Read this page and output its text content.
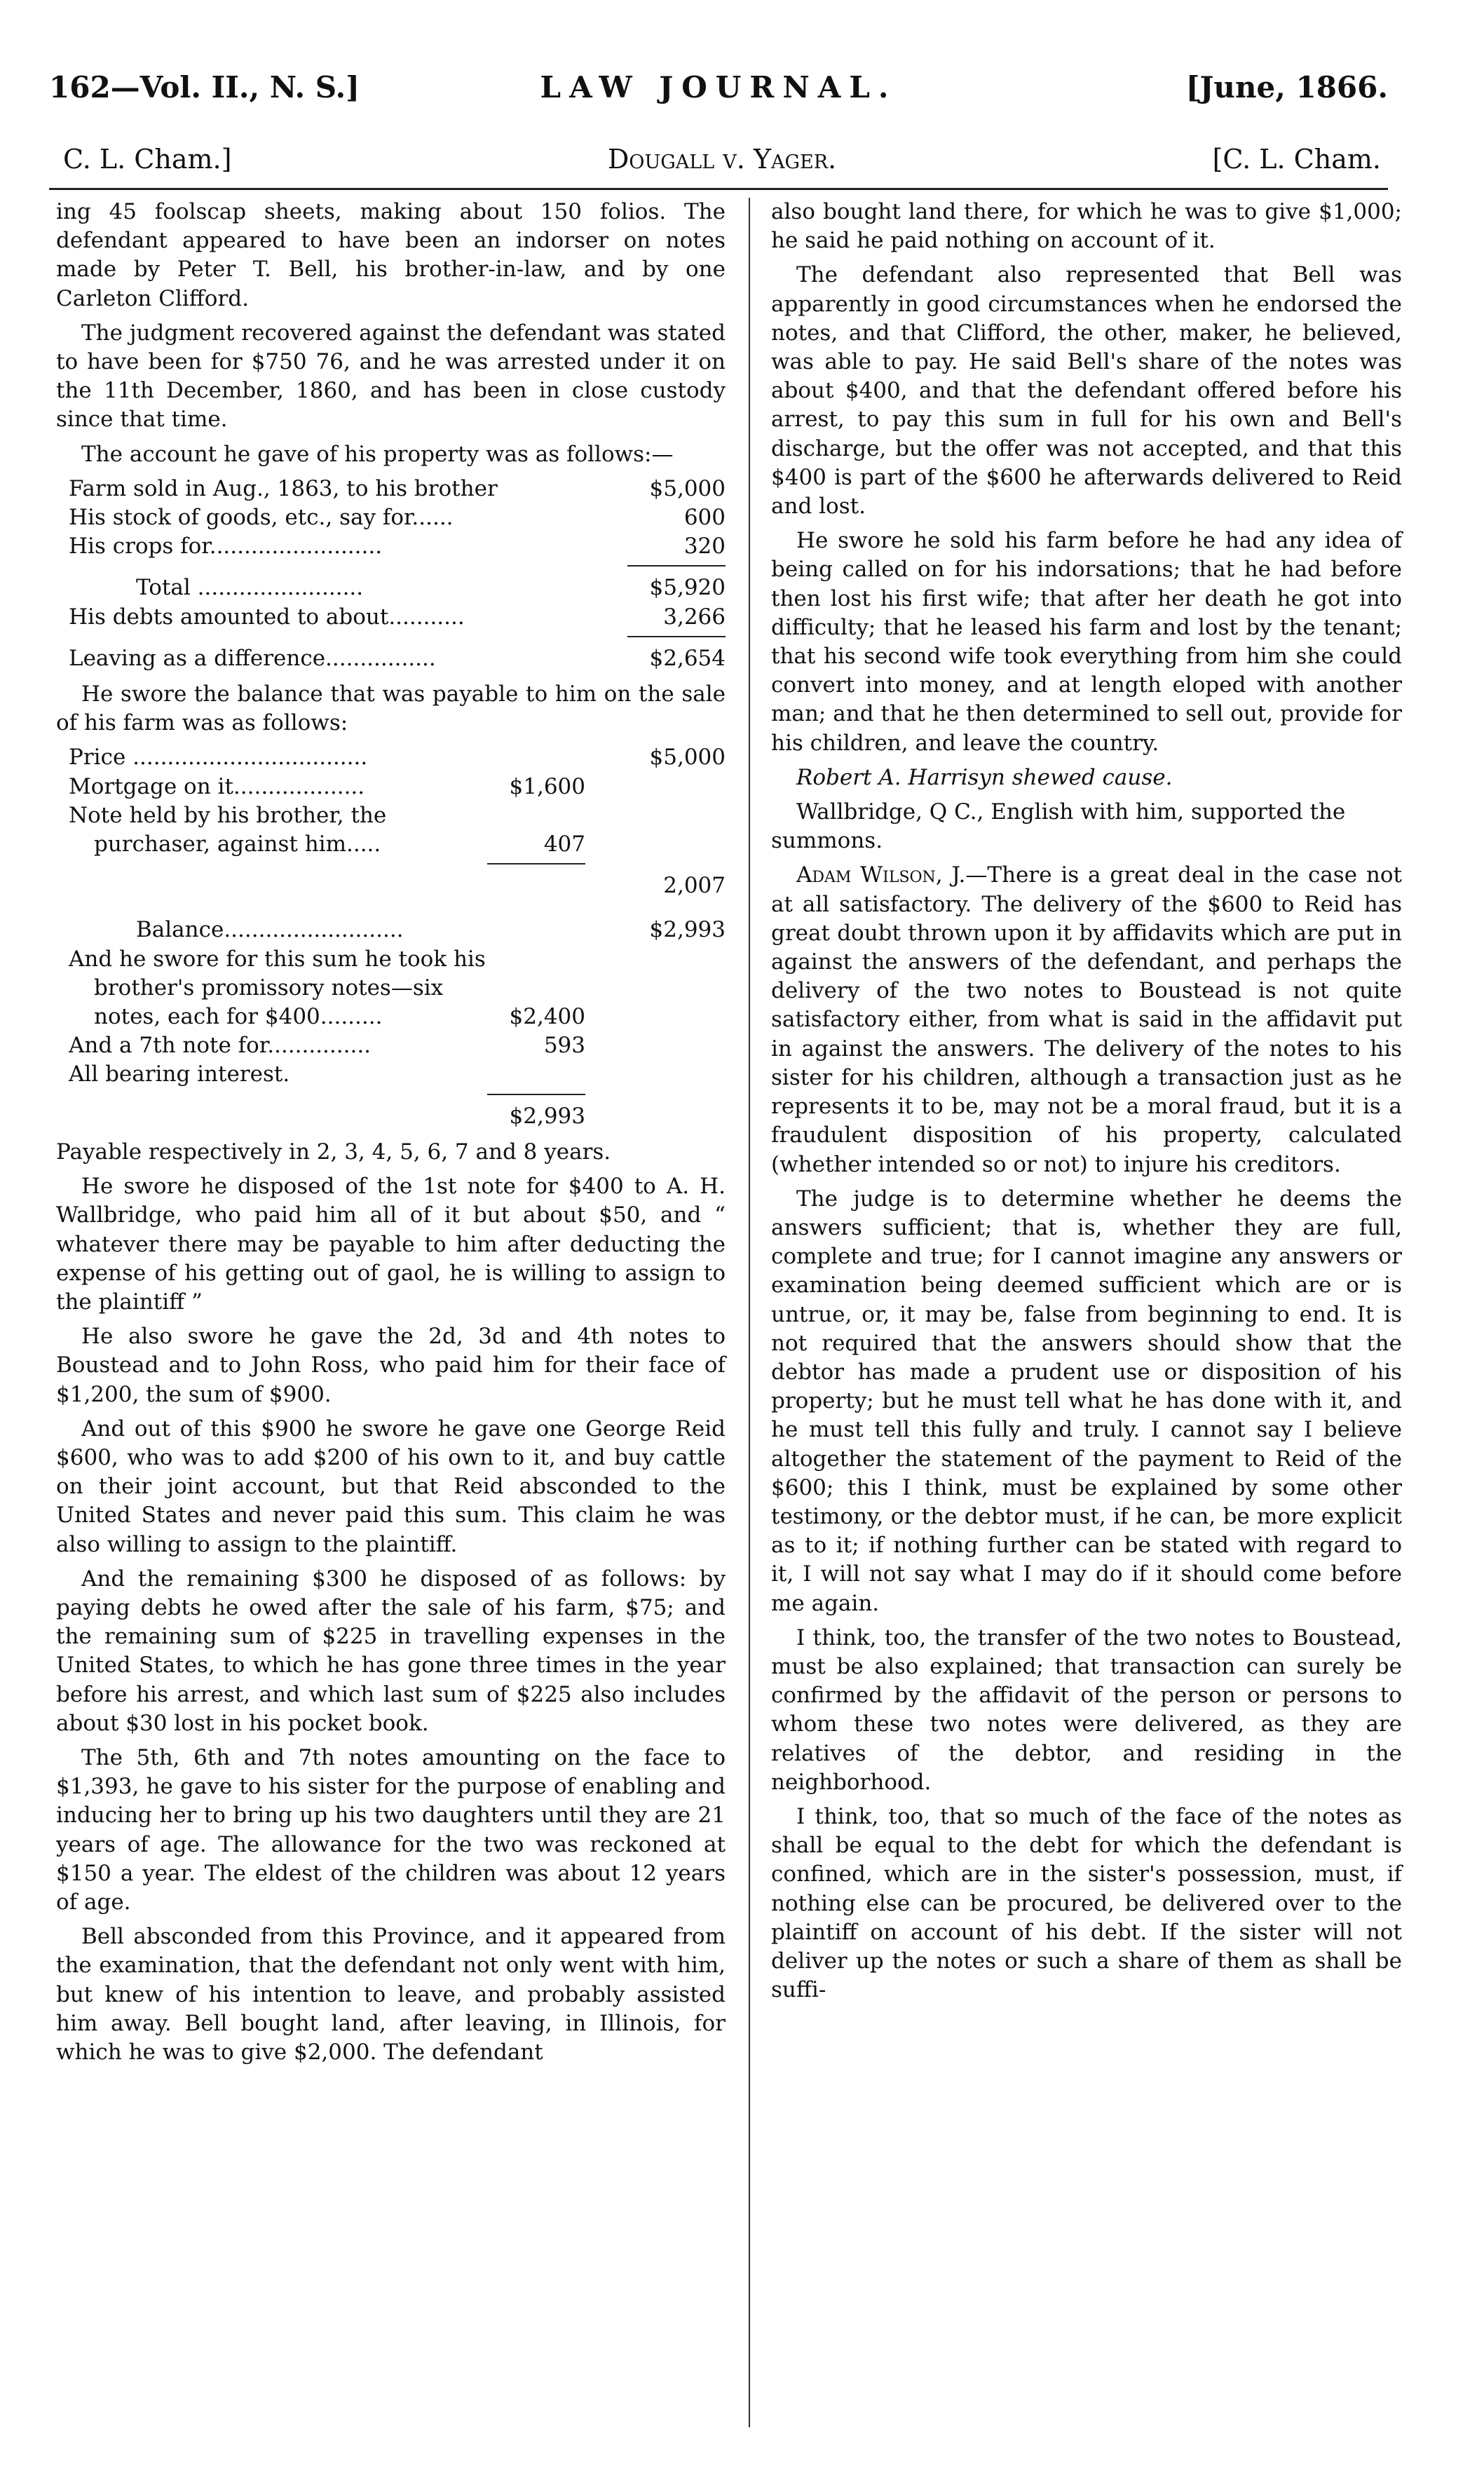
162—Vol. II., N. S.]	LAW JOURNAL.	[June, 1866.
C. L. Cham.]	Dougall v. Yager.	[C. L. Cham.

ing 45 foolscap sheets, making about 150 folios. The defendant appeared to have been an indorser on notes made by Peter T. Bell, his brother-in-law, and by one Carleton Clifford.

The judgment recovered against the defendant was stated to have been for $750 76, and he was arrested under it on the 11th December, 1860, and has been in close custody since that time.

The account he gave of his property was as follows:—

Farm sold in Aug., 1863, to his brother	$5,000
His stock of goods, etc., say for......	600
His crops for.........................	320
Total ........................	$5,920
His debts amounted to about...........	3,266
Leaving as a difference................	$2,654

He swore the balance that was payable to him on the sale of his farm was as follows:

Price ..................................	$5,000
Mortgage on it...................	$1,600
Note held by his brother, the
purchaser, against him.....	407
2,007
Balance..........................	$2,993
And he swore for this sum he took his
brother's promissory notes—six
notes, each for $400.........	$2,400
And a 7th note for...............	593
All bearing interest.
$2,993

Payable respectively in 2, 3, 4, 5, 6, 7 and 8 years.

He swore he disposed of the 1st note for $400 to A. H. Wallbridge, who paid him all of it but about $50, and “ whatever there may be payable to him after deducting the expense of his getting out of gaol, he is willing to assign to the plaintiff ”

He also swore he gave the 2d, 3d and 4th notes to Boustead and to John Ross, who paid him for their face of $1,200, the sum of $900.

And out of this $900 he swore he gave one George Reid $600, who was to add $200 of his own to it, and buy cattle on their joint account, but that Reid absconded to the United States and never paid this sum. This claim he was also willing to assign to the plaintiff.

And the remaining $300 he disposed of as follows: by paying debts he owed after the sale of his farm, $75; and the remaining sum of $225 in travelling expenses in the United States, to which he has gone three times in the year before his arrest, and which last sum of $225 also includes about $30 lost in his pocket book.

The 5th, 6th and 7th notes amounting on the face to $1,393, he gave to his sister for the purpose of enabling and inducing her to bring up his two daughters until they are 21 years of age. The allowance for the two was reckoned at $150 a year. The eldest of the children was about 12 years of age.

Bell absconded from this Province, and it appeared from the examination, that the defendant not only went with him, but knew of his intention to leave, and probably assisted him away. Bell bought land, after leaving, in Illinois, for which he was to give $2,000. The defendant

also bought land there, for which he was to give $1,000; he said he paid nothing on account of it.

The defendant also represented that Bell was apparently in good circumstances when he endorsed the notes, and that Clifford, the other, maker, he believed, was able to pay. He said Bell's share of the notes was about $400, and that the defendant offered before his arrest, to pay this sum in full for his own and Bell's discharge, but the offer was not accepted, and that this $400 is part of the $600 he afterwards delivered to Reid and lost.

He swore he sold his farm before he had any idea of being called on for his indorsations; that he had before then lost his first wife; that after her death he got into difficulty; that he leased his farm and lost by the tenant; that his second wife took everything from him she could convert into money, and at length eloped with another man; and that he then determined to sell out, provide for his children, and leave the country.

Robert A. Harrisyn shewed cause.

Wallbridge, Q C., English with him, supported the summons.

Adam Wilson, J.—There is a great deal in the case not at all satisfactory. The delivery of the $600 to Reid has great doubt thrown upon it by affidavits which are put in against the answers of the defendant, and perhaps the delivery of the two notes to Boustead is not quite satisfactory either, from what is said in the affidavit put in against the answers. The delivery of the notes to his sister for his children, although a transaction just as he represents it to be, may not be a moral fraud, but it is a fraudulent disposition of his property, calculated (whether intended so or not) to injure his creditors.

The judge is to determine whether he deems the answers sufficient; that is, whether they are full, complete and true; for I cannot imagine any answers or examination being deemed sufficient which are or is untrue, or, it may be, false from beginning to end. It is not required that the answers should show that the debtor has made a prudent use or disposition of his property; but he must tell what he has done with it, and he must tell this fully and truly. I cannot say I believe altogether the statement of the payment to Reid of the $600; this I think, must be explained by some other testimony, or the debtor must, if he can, be more explicit as to it; if nothing further can be stated with regard to it, I will not say what I may do if it should come before me again.

I think, too, the transfer of the two notes to Boustead, must be also explained; that transaction can surely be confirmed by the affidavit of the person or persons to whom these two notes were delivered, as they are relatives of the debtor, and residing in the neighborhood.

I think, too, that so much of the face of the notes as shall be equal to the debt for which the defendant is confined, which are in the sister's possession, must, if nothing else can be procured, be delivered over to the plaintiff on account of his debt. If the sister will not deliver up the notes or such a share of them as shall be suffi-
